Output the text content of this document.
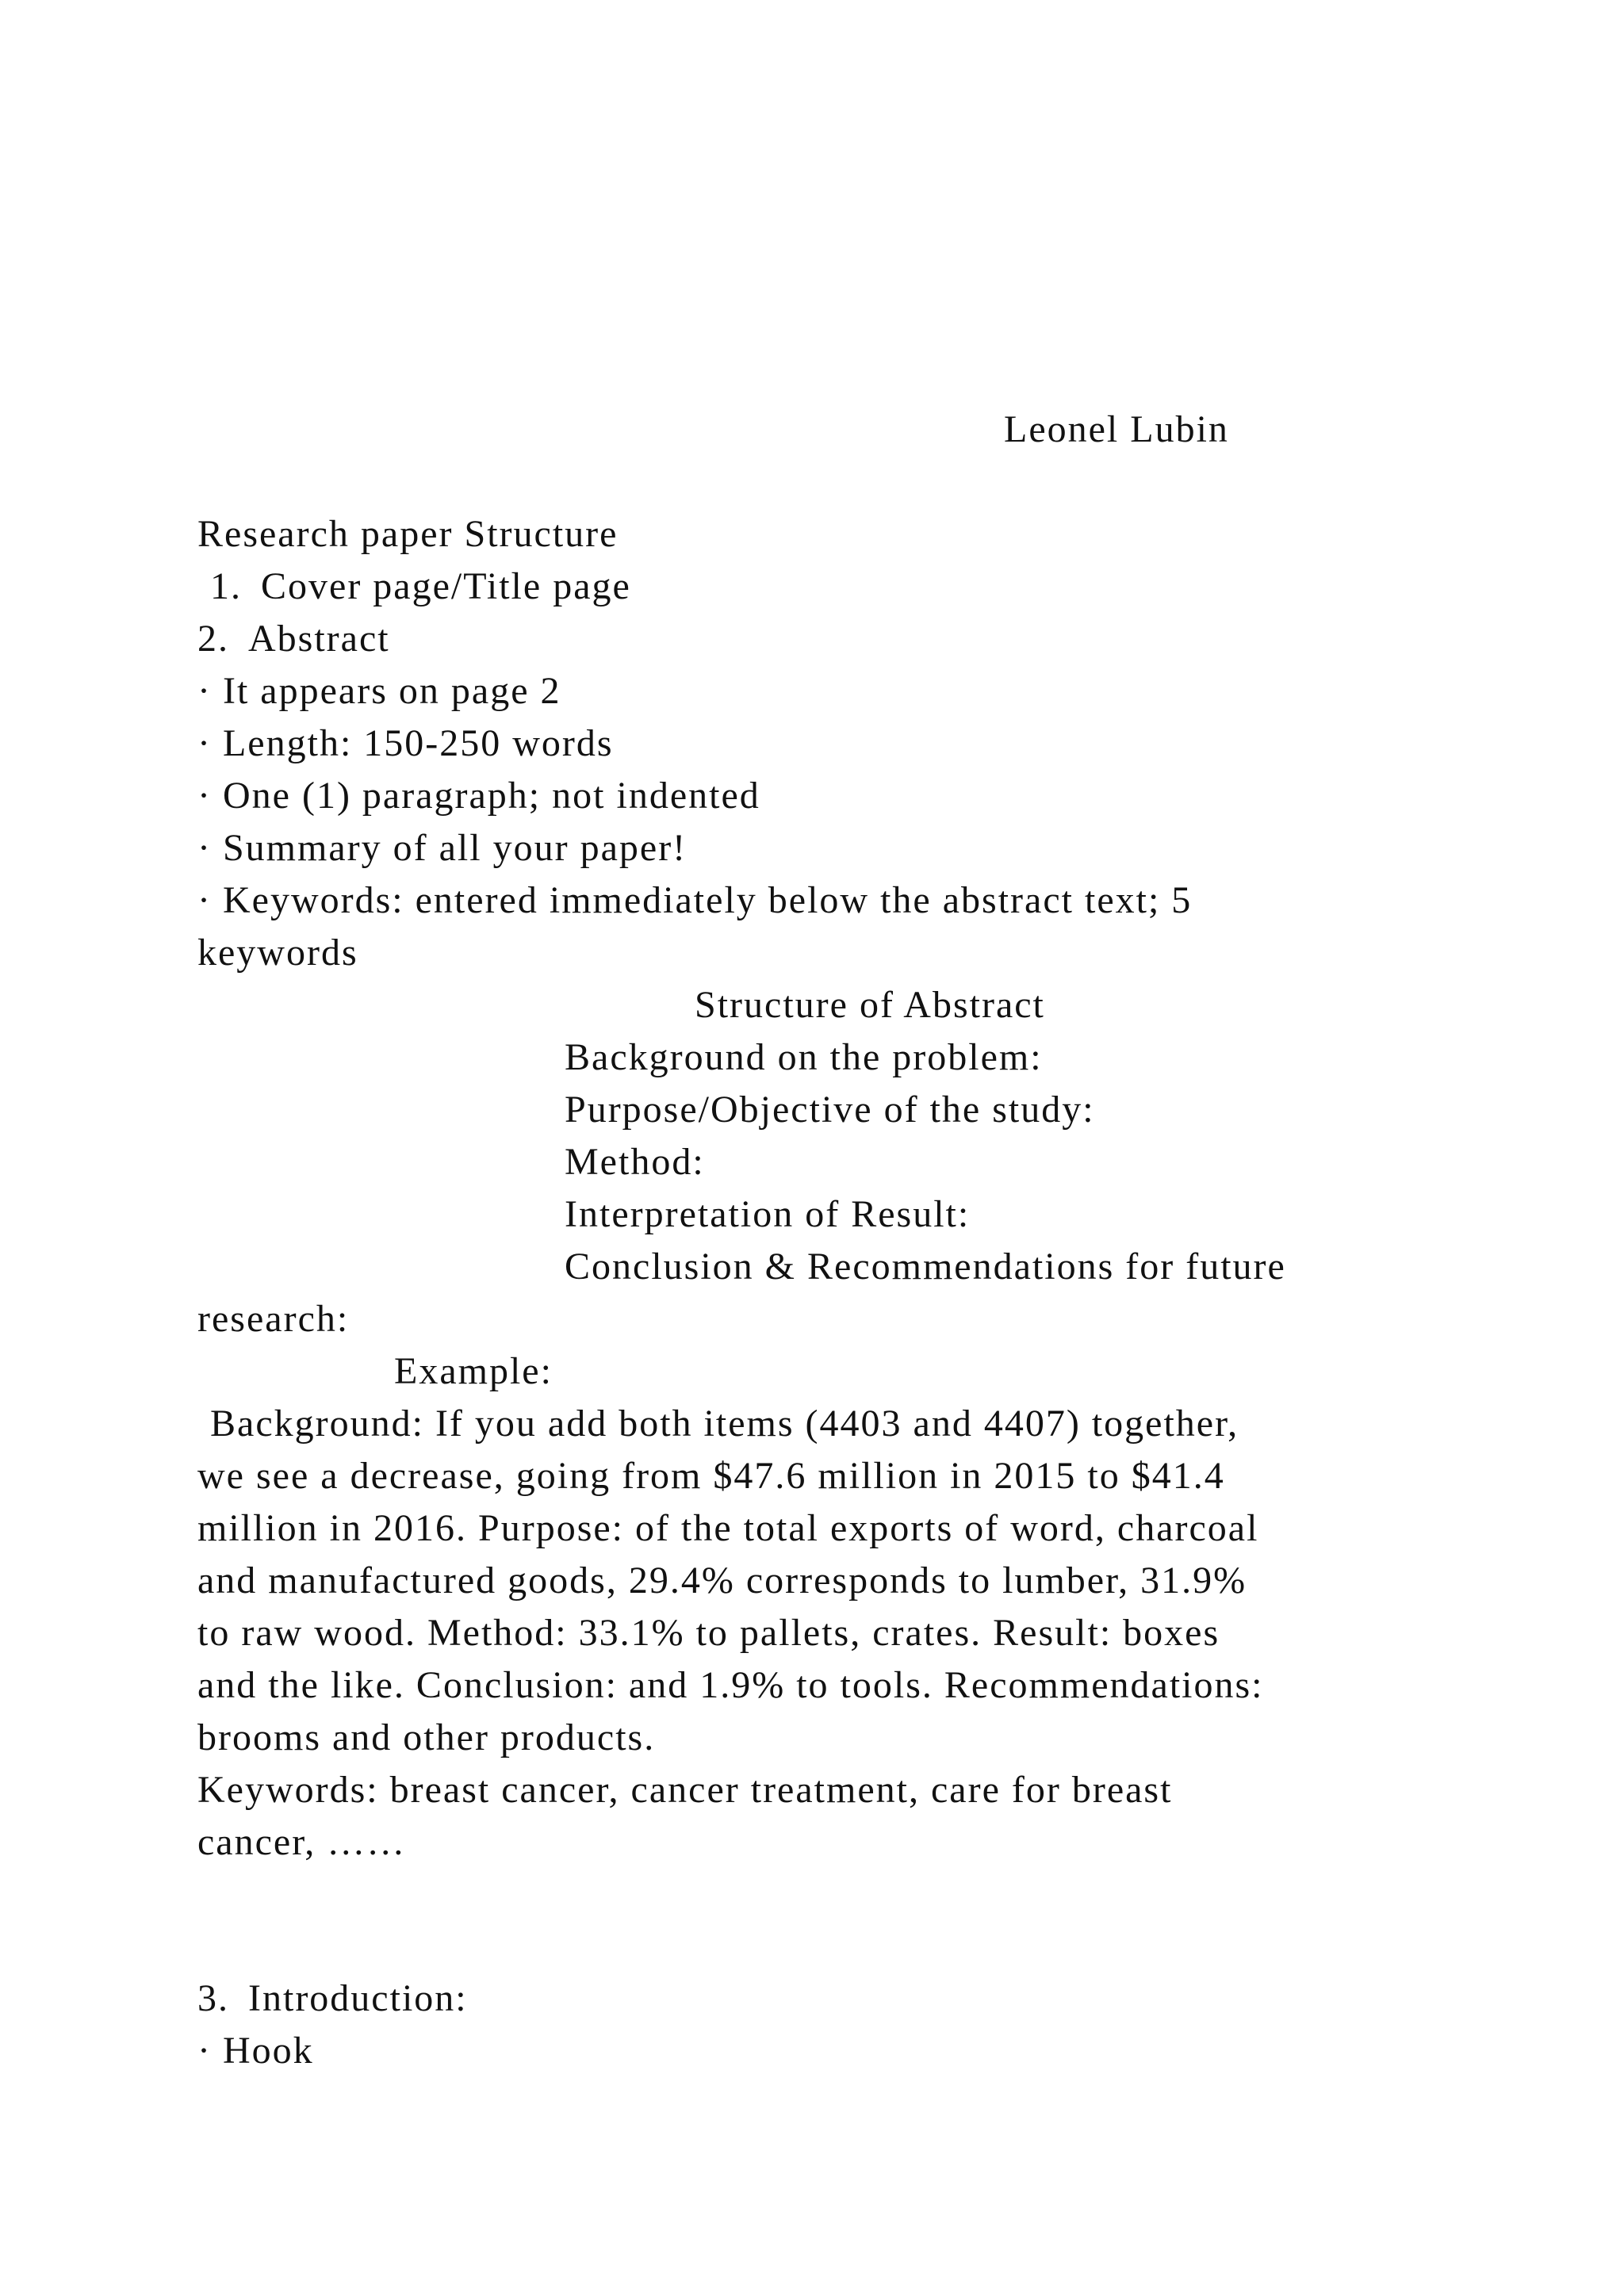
Leonel Lubin
Research paper Structure
1. Cover page/Title page
2. Abstract
· It appears on page 2
· Length: 150-250 words
· One (1) paragraph; not indented
· Summary of all your paper!
· Keywords: entered immediately below the abstract text; 5
keywords
Structure of Abstract
Background on the problem:
Purpose/Objective of the study:
Method:
Interpretation of Result:
Conclusion & Recommendations for future
research:
Example:
Background: If you add both items (4403 and 4407) together,
we see a decrease, going from $47.6 million in 2015 to $41.4
million in 2016. Purpose: of the total exports of word, charcoal
and manufactured goods, 29.4% corresponds to lumber, 31.9%
to raw wood. Method: 33.1% to pallets, crates. Result: boxes
and the like. Conclusion: and 1.9% to tools. Recommendations:
brooms and other products.
Keywords: breast cancer, cancer treatment, care for breast
cancer, ……
3. Introduction:
· Hook
